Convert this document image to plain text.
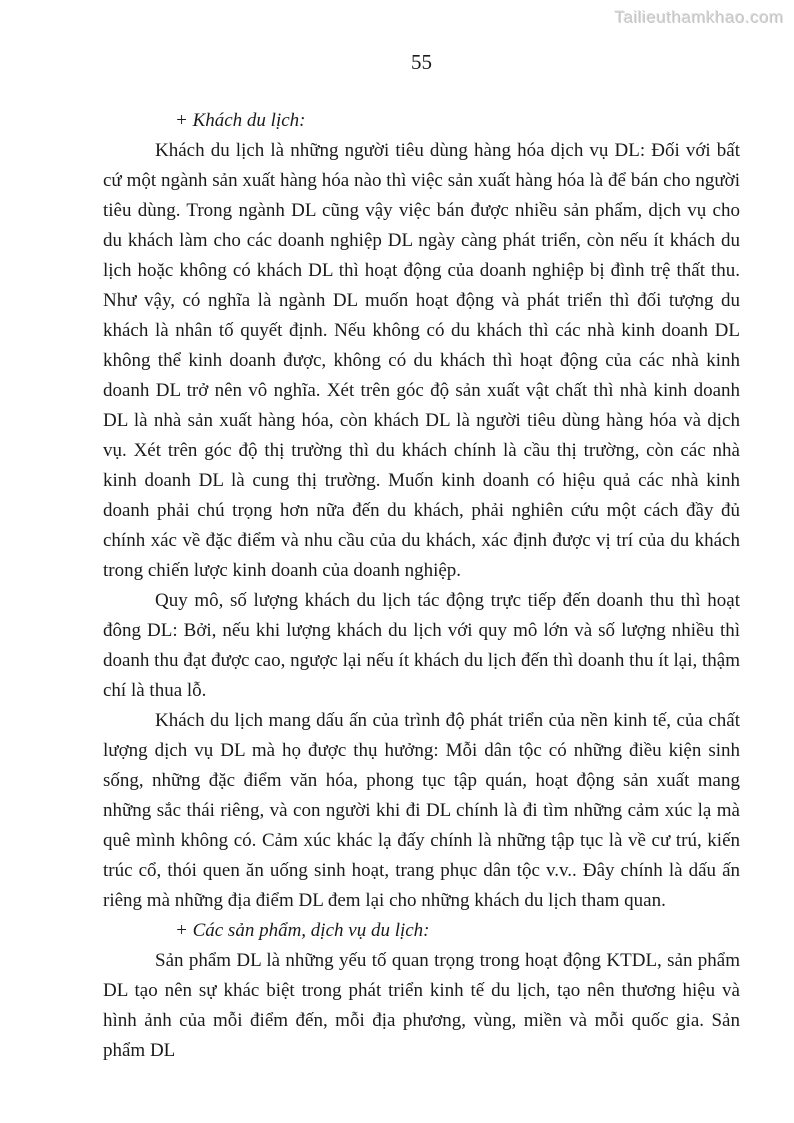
Tailieuthamkhao.com
55

+ Khách du lịch:

Khách du lịch là những người tiêu dùng hàng hóa dịch vụ DL: Đối với bất cứ một ngành sản xuất hàng hóa nào thì việc sản xuất hàng hóa là để bán cho người tiêu dùng. Trong ngành DL cũng vậy việc bán được nhiều sản phẩm, dịch vụ cho du khách làm cho các doanh nghiệp DL ngày càng phát triển, còn nếu ít khách du lịch hoặc không có khách DL thì hoạt động của doanh nghiệp bị đình trệ thất thu. Như vậy, có nghĩa là ngành DL muốn hoạt động và phát triển thì đối tượng du khách là nhân tố quyết định. Nếu không có du khách thì các nhà kinh doanh DL không thể kinh doanh được, không có du khách thì hoạt động của các nhà kinh doanh DL trở nên vô nghĩa. Xét trên góc độ sản xuất vật chất thì nhà kinh doanh DL là nhà sản xuất hàng hóa, còn khách DL là người tiêu dùng hàng hóa và dịch vụ. Xét trên góc độ thị trường thì du khách chính là cầu thị trường, còn các nhà kinh doanh DL là cung thị trường. Muốn kinh doanh có hiệu quả các nhà kinh doanh phải chú trọng hơn nữa đến du khách, phải nghiên cứu một cách đầy đủ chính xác về đặc điểm và nhu cầu của du khách, xác định được vị trí của du khách trong chiến lược kinh doanh của doanh nghiệp.

Quy mô, số lượng khách du lịch tác động trực tiếp đến doanh thu thì hoạt đông DL: Bởi, nếu khi lượng khách du lịch với quy mô lớn và số lượng nhiều thì doanh thu đạt được cao, ngược lại nếu ít khách du lịch đến thì doanh thu ít lại, thậm chí là thua lỗ.

Khách du lịch mang dấu ấn của trình độ phát triển của nền kinh tế, của chất lượng dịch vụ DL mà họ được thụ hưởng: Mỗi dân tộc có những điều kiện sinh sống, những đặc điểm văn hóa, phong tục tập quán, hoạt động sản xuất mang những sắc thái riêng, và con người khi đi DL chính là đi tìm những cảm xúc lạ mà quê mình không có. Cảm xúc khác lạ đấy chính là những tập tục là về cư trú, kiến trúc cổ, thói quen ăn uống sinh hoạt, trang phục dân tộc v.v.. Đây chính là dấu ấn riêng mà những địa điểm DL đem lại cho những khách du lịch tham quan.

+ Các sản phẩm, dịch vụ du lịch:

Sản phẩm DL là những yếu tố quan trọng trong hoạt động KTDL, sản phẩm DL tạo nên sự khác biệt trong phát triển kinh tế du lịch, tạo nên thương hiệu và hình ảnh của mỗi điểm đến, mỗi địa phương, vùng, miền và mỗi quốc gia. Sản phẩm DL
